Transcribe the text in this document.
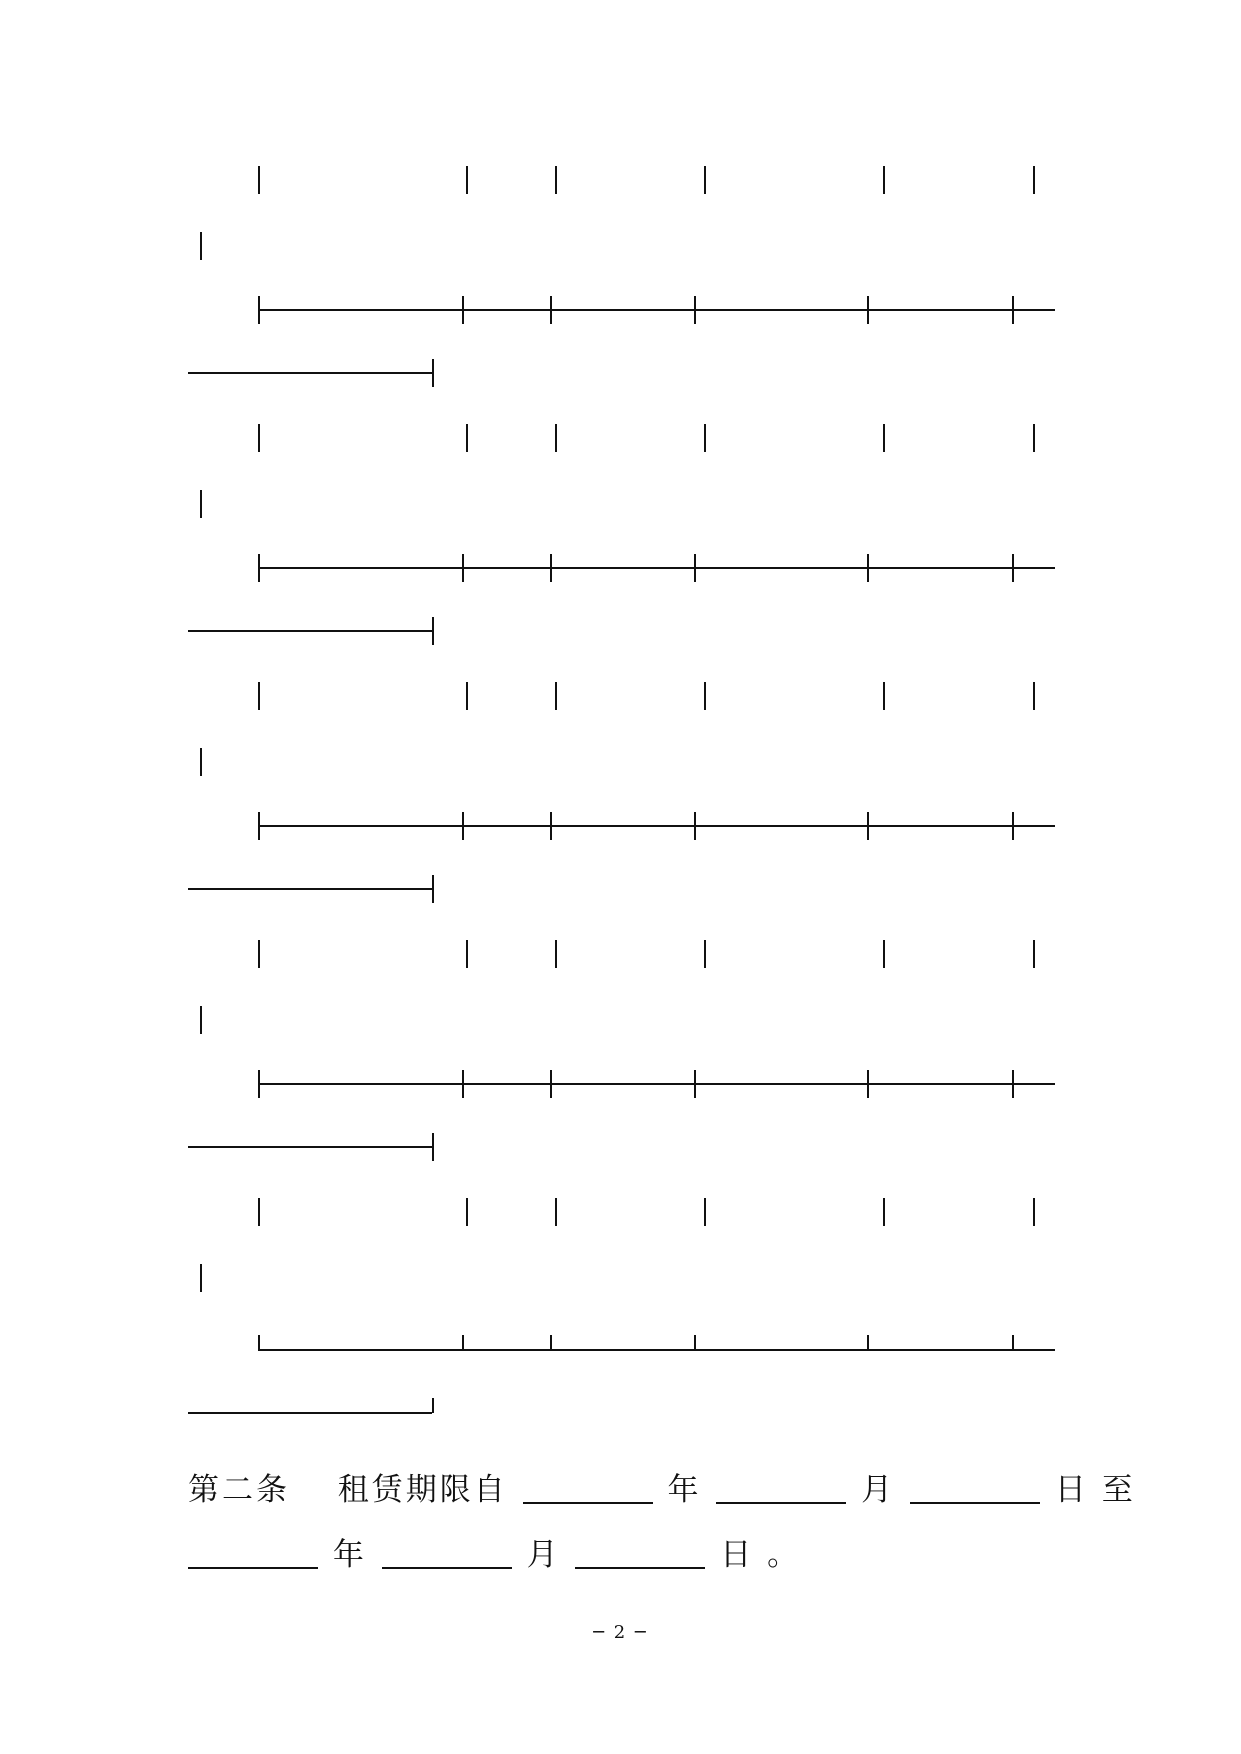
第二条 租赁期限自	年	月	日 至
年	月	日 。
─ 2 ─
